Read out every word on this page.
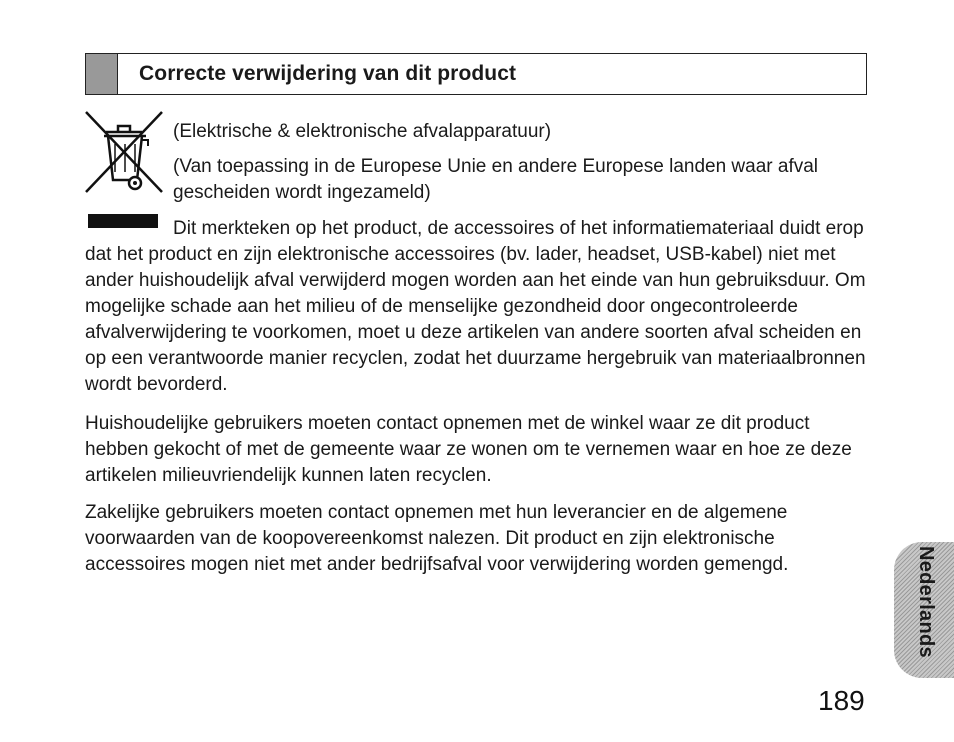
Correcte verwijdering van dit product

(Elektrische & elektronische afvalapparatuur)

(Van toepassing in de Europese Unie en andere Europese landen waar afval gescheiden wordt ingezameld)

Dit merkteken op het product, de accessoires of het informatiemateriaal duidt erop dat het product en zijn elektronische accessoires (bv. lader, headset, USB-kabel) niet met ander huishoudelijk afval verwijderd mogen worden aan het einde van hun gebruiksduur. Om mogelijke schade aan het milieu of de menselijke gezondheid door ongecontroleerde afvalverwijdering te voorkomen, moet u deze artikelen van andere soorten afval scheiden en op een verantwoorde manier recyclen, zodat het duurzame hergebruik van materiaalbronnen wordt bevorderd.

Huishoudelijke gebruikers moeten contact opnemen met de winkel waar ze dit product hebben gekocht of met de gemeente waar ze wonen om te vernemen waar en hoe ze deze artikelen milieuvriendelijk kunnen laten recyclen.

Zakelijke gebruikers moeten contact opnemen met hun leverancier en de algemene voorwaarden van de koopovereenkomst nalezen. Dit product en zijn elektronische accessoires mogen niet met ander bedrijfsafval voor verwijdering worden gemengd.	Nederlands
189
